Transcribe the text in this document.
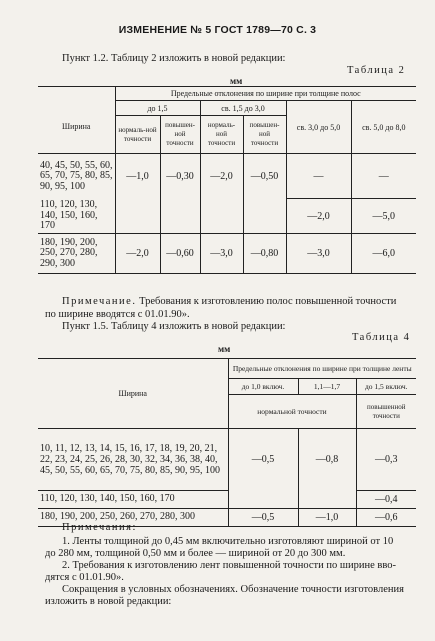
ИЗМЕНЕНИЕ № 5 ГОСТ 1789—70 С. 3
Пункт 1.2. Таблицу 2 изложить в новой редакции:
Таблица 2
мм
	Предельные отклонения по ширине при толщине полос					
Ширина	до 1,5		св. 1,5 до 3,0		св. 3,0 до 5,0	св. 5,0 до 8,0
	нормаль-ной точности	повышен-ной точности	нормаль-ной точности	повышен-ной точности		
40, 45, 50, 55, 60, 65, 70, 75, 80, 85, 90, 95, 100	—1,0	—0,30	—2,0	—0,50	—	—
110, 120, 130, 140, 150, 160, 170					—2,0	—5,0
180, 190, 200, 250, 270, 280, 290, 300	—2,0	—0,60	—3,0	—0,80	—3,0	—6,0
Примечание. Требования к изготовлению полос повышенной точности
по ширине вводятся с 01.01.90».
Пункт 1.5. Таблицу 4 изложить в новой редакции:
Таблица 4
мм
Ширина	Предельные отклонения по ширине при толщине ленты		
	до 1,0 включ.	1,1—1,7	до 1,5 включ.
	нормальной точности		повышенной точности
10, 11, 12, 13, 14, 15, 16, 17, 18, 19, 20, 21, 22, 23, 24, 25, 26, 28, 30, 32, 34, 36, 38, 40, 45, 50, 55, 60, 65, 70, 75, 80, 85, 90, 95, 100	—0,5	—0,8	—0,3
110, 120, 130, 140, 150, 160, 170			—0,4
180, 190, 200, 250, 260, 270, 280, 300	—0,5	—1,0	—0,6
Примечания:
1. Ленты толщиной до 0,45 мм включительно изготовляют шириной от 10
до 280 мм, толщиной 0,50 мм и более — шириной от 20 до 300 мм.
2. Требования к изготовлению лент повышенной точности по ширине вво-
дятся с 01.01.90».
Сокращения в условных обозначениях. Обозначение точности изготовления
изложить в новой редакции:
